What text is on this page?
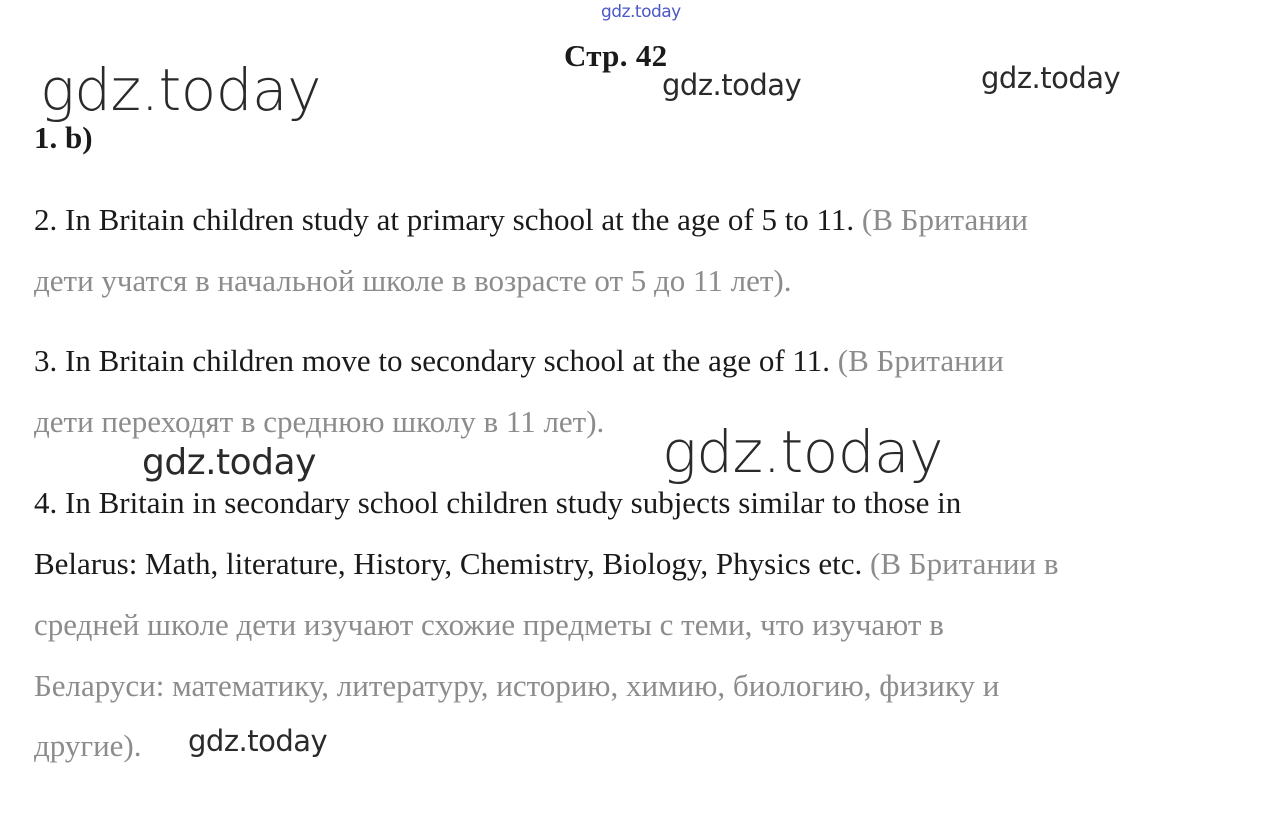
Стр. 42
1. b)
2. In Britain children study at primary school at the age of 5 to 11. (В Британии
дети учатся в начальной школе в возрасте от 5 до 11 лет).
3. In Britain children move to secondary school at the age of 11. (В Британии
дети переходят в среднюю школу в 11 лет).
4. In Britain in secondary school children study subjects similar to those in
Belarus: Math, literature, History, Chemistry, Biology, Physics etc. (В Британии в
средней школе дети изучают схожие предметы с теми, что изучают в
Беларуси: математику, литературу, историю, химию, биологию, физику и
другие).
gdz.today
gdz.today	gdz.today	gdz.today
gdz.today	gdz.today
gdz.today
